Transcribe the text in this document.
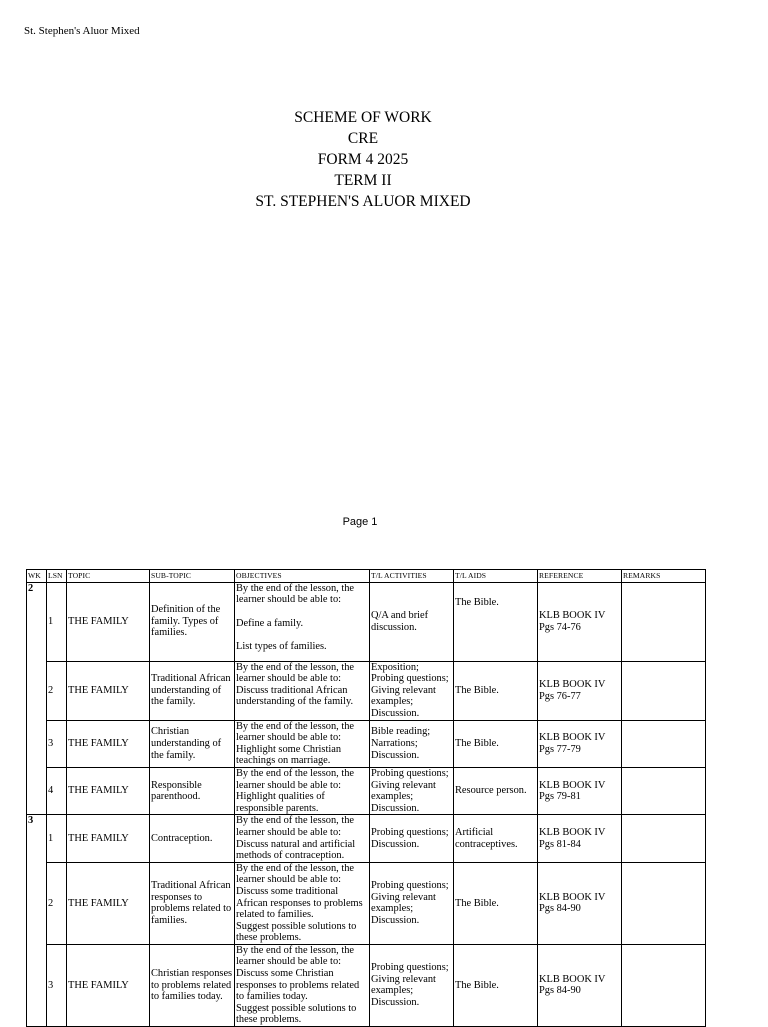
St. Stephen's Aluor Mixed
SCHEME OF WORK
CRE
FORM 4 2025
TERM II
ST. STEPHEN'S ALUOR MIXED
Page 1
WK	LSN	TOPIC	SUB-TOPIC	OBJECTIVES	T/L ACTIVITIES	T/L AIDS	REFERENCE	REMARKS
2	1	THE FAMILY	Definition of the family. Types of families.	By the end of the lesson, the learner should be able to:
Define a family.
List types of families.	Q/A and brief discussion.	The Bible.	KLB BOOK IV
Pgs 74-76	

	2	THE FAMILY	Traditional African understanding of the family.	By the end of the lesson, the learner should be able to:
Discuss traditional African understanding of the family.	Exposition;
Probing questions;
Giving relevant examples;
Discussion.	The Bible.	KLB BOOK IV
Pgs 76-77	

	3	THE FAMILY	Christian understanding of the family.	By the end of the lesson, the learner should be able to:
Highlight some Christian teachings on marriage.	Bible reading;
Narrations;
Discussion.	The Bible.	KLB BOOK IV
Pgs 77-79	

	4	THE FAMILY	Responsible parenthood.	By the end of the lesson, the learner should be able to:
Highlight qualities of responsible parents.	Probing questions;
Giving relevant examples;
Discussion.	Resource person.	KLB BOOK IV
Pgs 79-81	

3	1	THE FAMILY	Contraception.	By the end of the lesson, the learner should be able to:
Discuss natural and artificial methods of contraception.	Probing questions;
Discussion.	Artificial contraceptives.	KLB BOOK IV
Pgs 81-84	

	2	THE FAMILY	Traditional African responses to problems related to families.	By the end of the lesson, the learner should be able to:
Discuss some traditional African responses to problems related to families.
Suggest possible solutions to these problems.	Probing questions;
Giving relevant examples;
Discussion.	The Bible.	KLB BOOK IV
Pgs 84-90	

	3	THE FAMILY	Christian responses to problems related to families today.	By the end of the lesson, the learner should be able to:
Discuss some Christian responses to problems related to families today.
Suggest possible solutions to these problems.	Probing questions;
Giving relevant examples;
Discussion.	The Bible.	KLB BOOK IV
Pgs 84-90	
